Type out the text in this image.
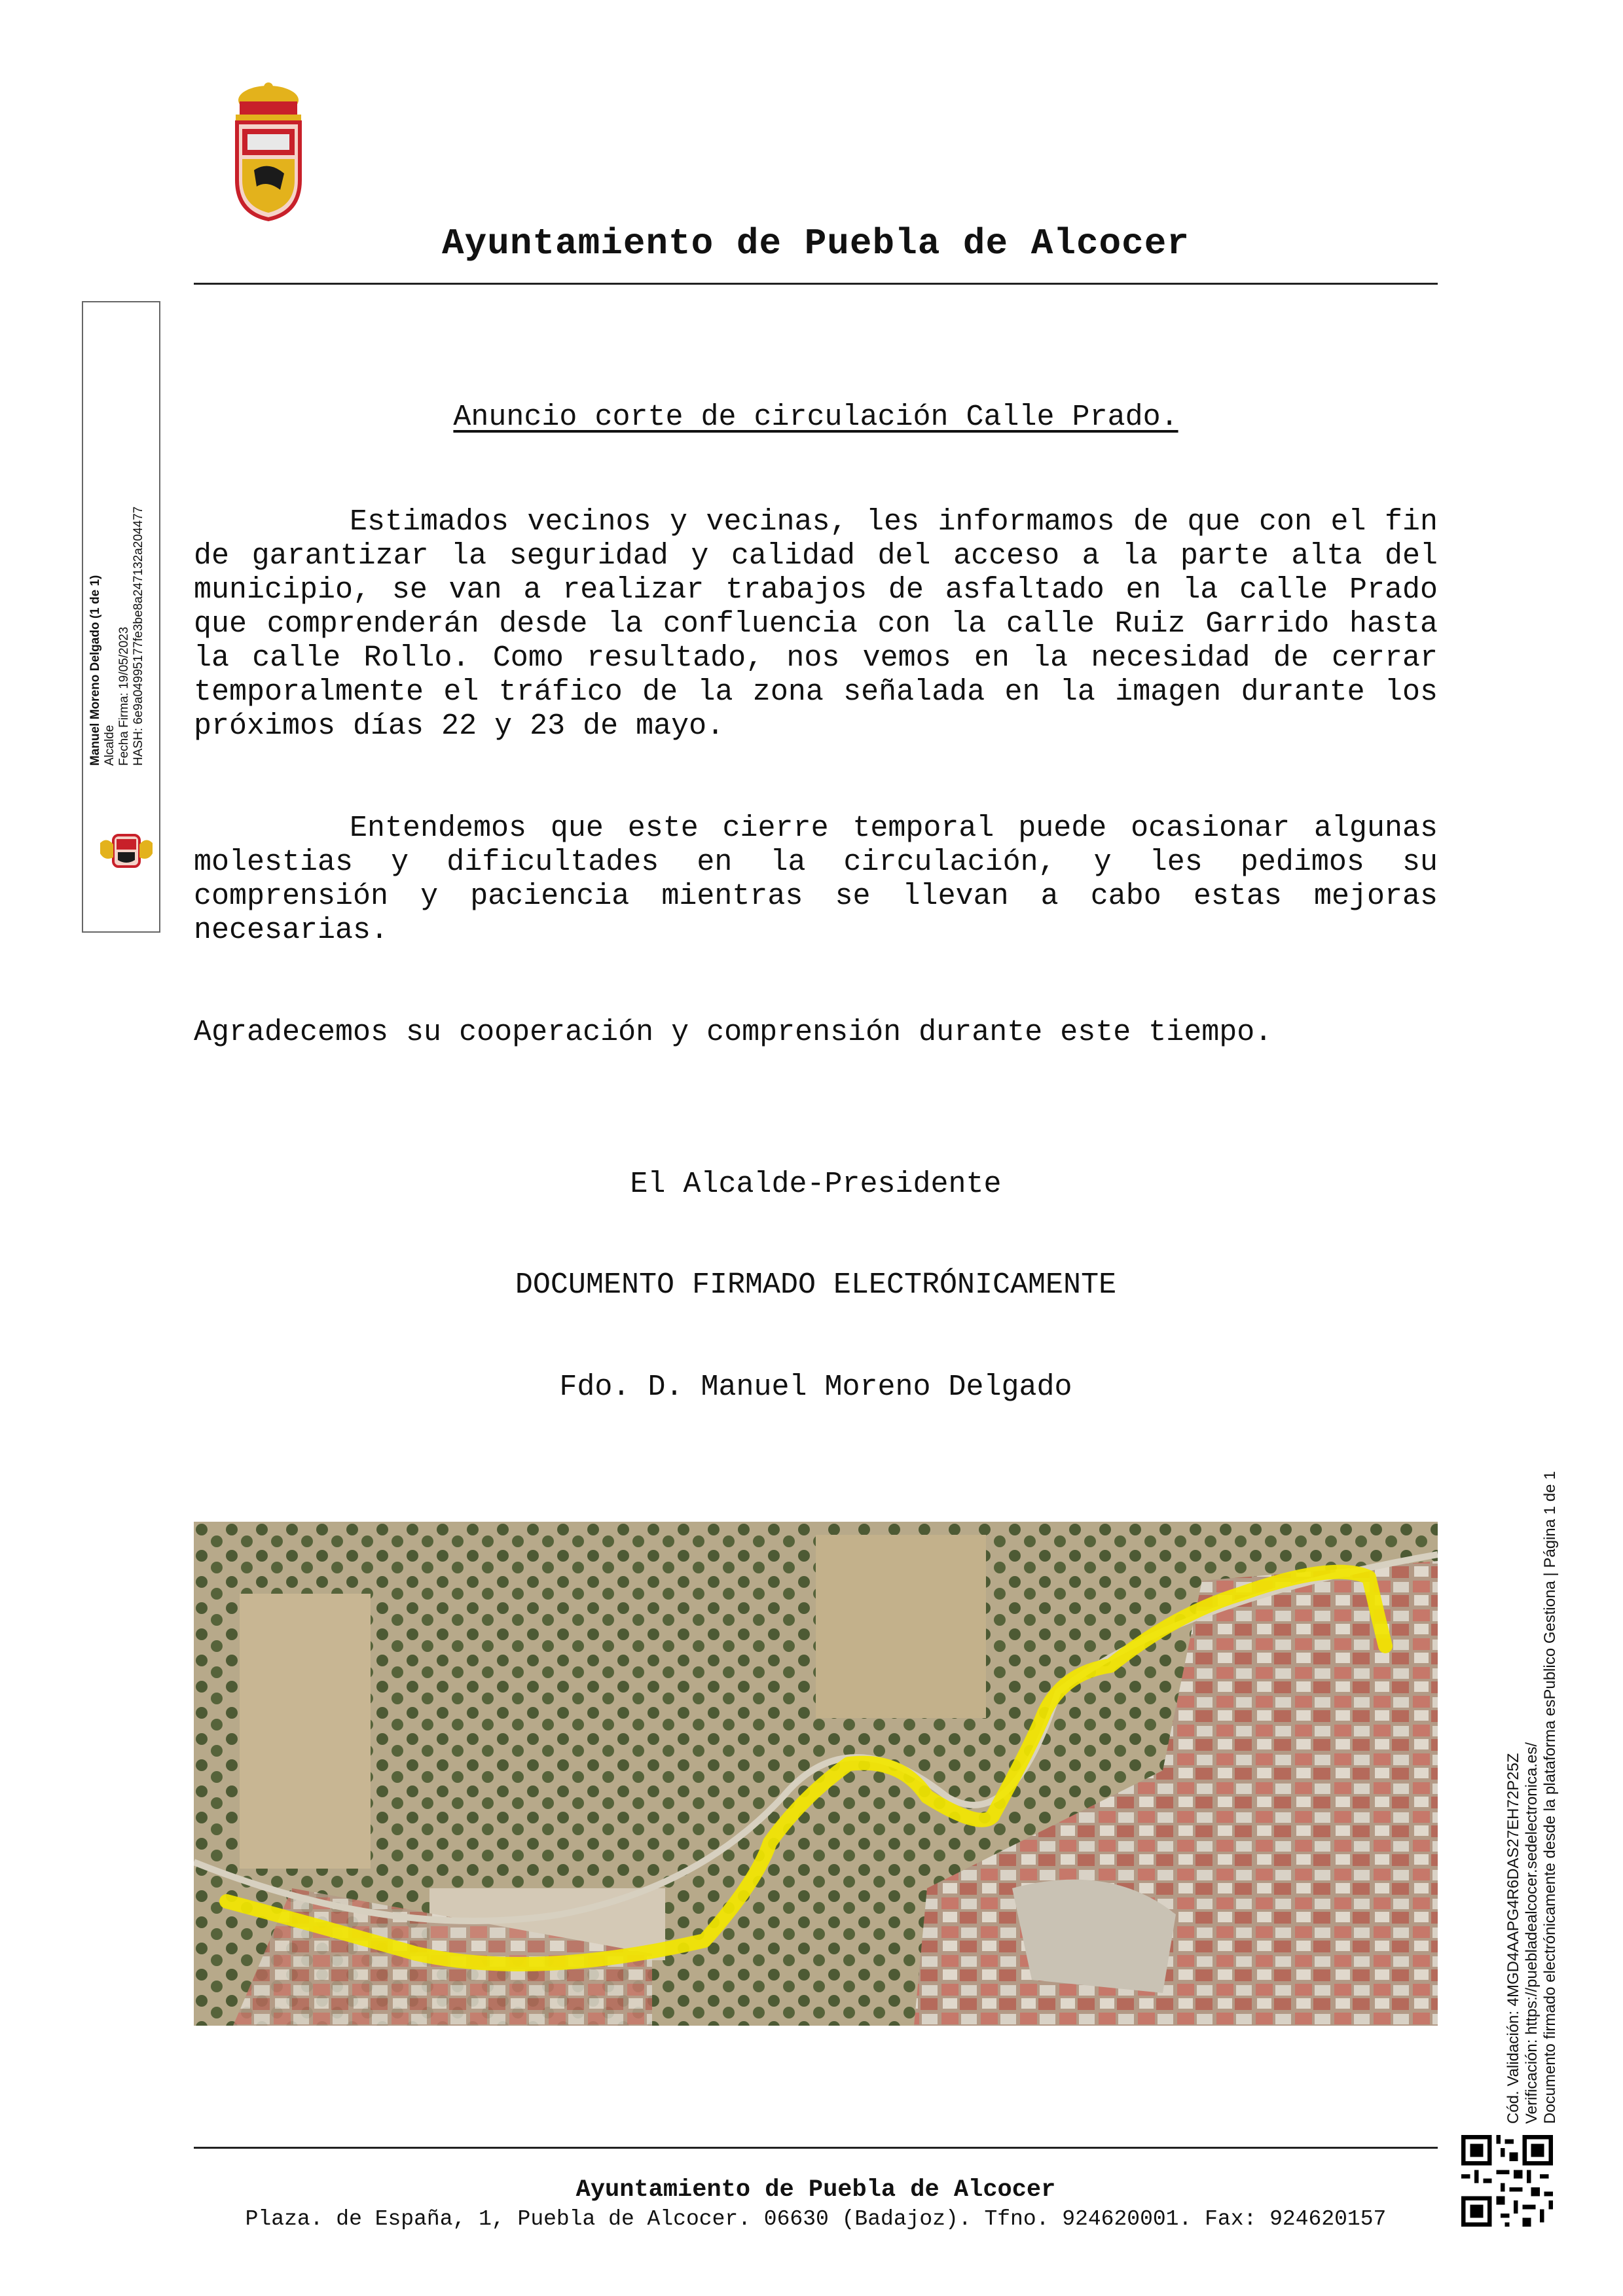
Ayuntamiento de Puebla de Alcocer
Manuel Moreno Delgado (1 de 1) Alcalde Fecha Firma: 19/05/2023 HASH: 6e9a04995177fe3be8a247132a204477
Anuncio corte de circulación Calle Prado.
Estimados vecinos y vecinas, les informamos de que con el fin de garantizar la seguridad y calidad del acceso a la parte alta del municipio, se van a realizar trabajos de asfaltado en la calle Prado que comprenderán desde la confluencia con la calle Ruiz Garrido hasta la calle Rollo. Como resultado, nos vemos en la necesidad de cerrar temporalmente el tráfico de la zona señalada en la imagen durante los próximos días 22 y 23 de mayo.
Entendemos que este cierre temporal puede ocasionar algunas molestias y dificultades en la circulación, y les pedimos su comprensión y paciencia mientras se llevan a cabo estas mejoras necesarias.
Agradecemos su cooperación y comprensión durante este tiempo.
El Alcalde-Presidente
DOCUMENTO FIRMADO ELECTRÓNICAMENTE
Fdo. D. Manuel Moreno Delgado
Cód. Validación: 4MGD4AAPG4R6DAS27EH72P25Z Verificación: https://puebladealcocer.sedelectronica.es/ Documento firmado electrónicamente desde la plataforma esPublico Gestiona | Página 1 de 1
Ayuntamiento de Puebla de Alcocer
Plaza. de España, 1, Puebla de Alcocer. 06630 (Badajoz). Tfno. 924620001. Fax: 924620157
